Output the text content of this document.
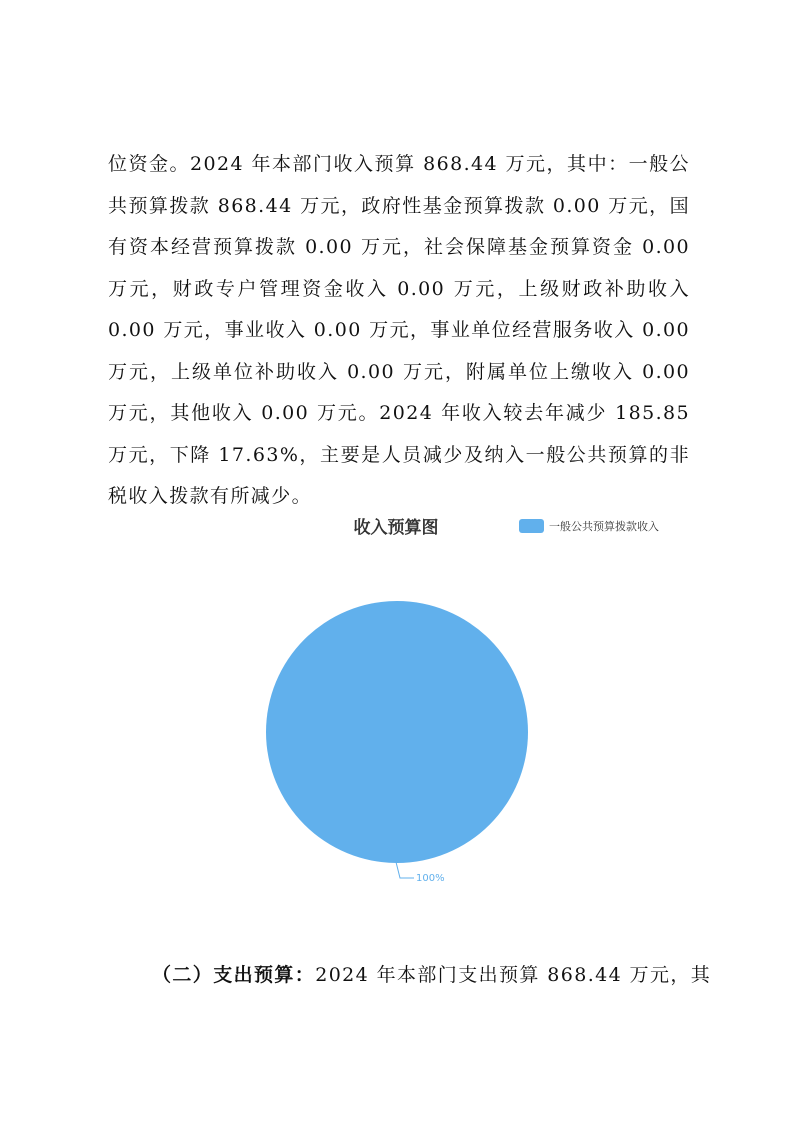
位资金。2024 年本部门收入预算 868.44 万元，其中：一般公共预算拨款 868.44 万元，政府性基金预算拨款 0.00 万元，国有资本经营预算拨款 0.00 万元，社会保障基金预算资金 0.00 万元，财政专户管理资金收入 0.00 万元，上级财政补助收入 0.00 万元，事业收入 0.00 万元，事业单位经营服务收入 0.00 万元，上级单位补助收入 0.00 万元，附属单位上缴收入 0.00 万元，其他收入 0.00 万元。2024 年收入较去年减少 185.85 万元，下降 17.63%，主要是人员减少及纳入一般公共预算的非税收入拨款有所减少。

收入预算图	一般公共预算拨款收入
100%

（二）支出预算：2024 年本部门支出预算 868.44 万元，其
